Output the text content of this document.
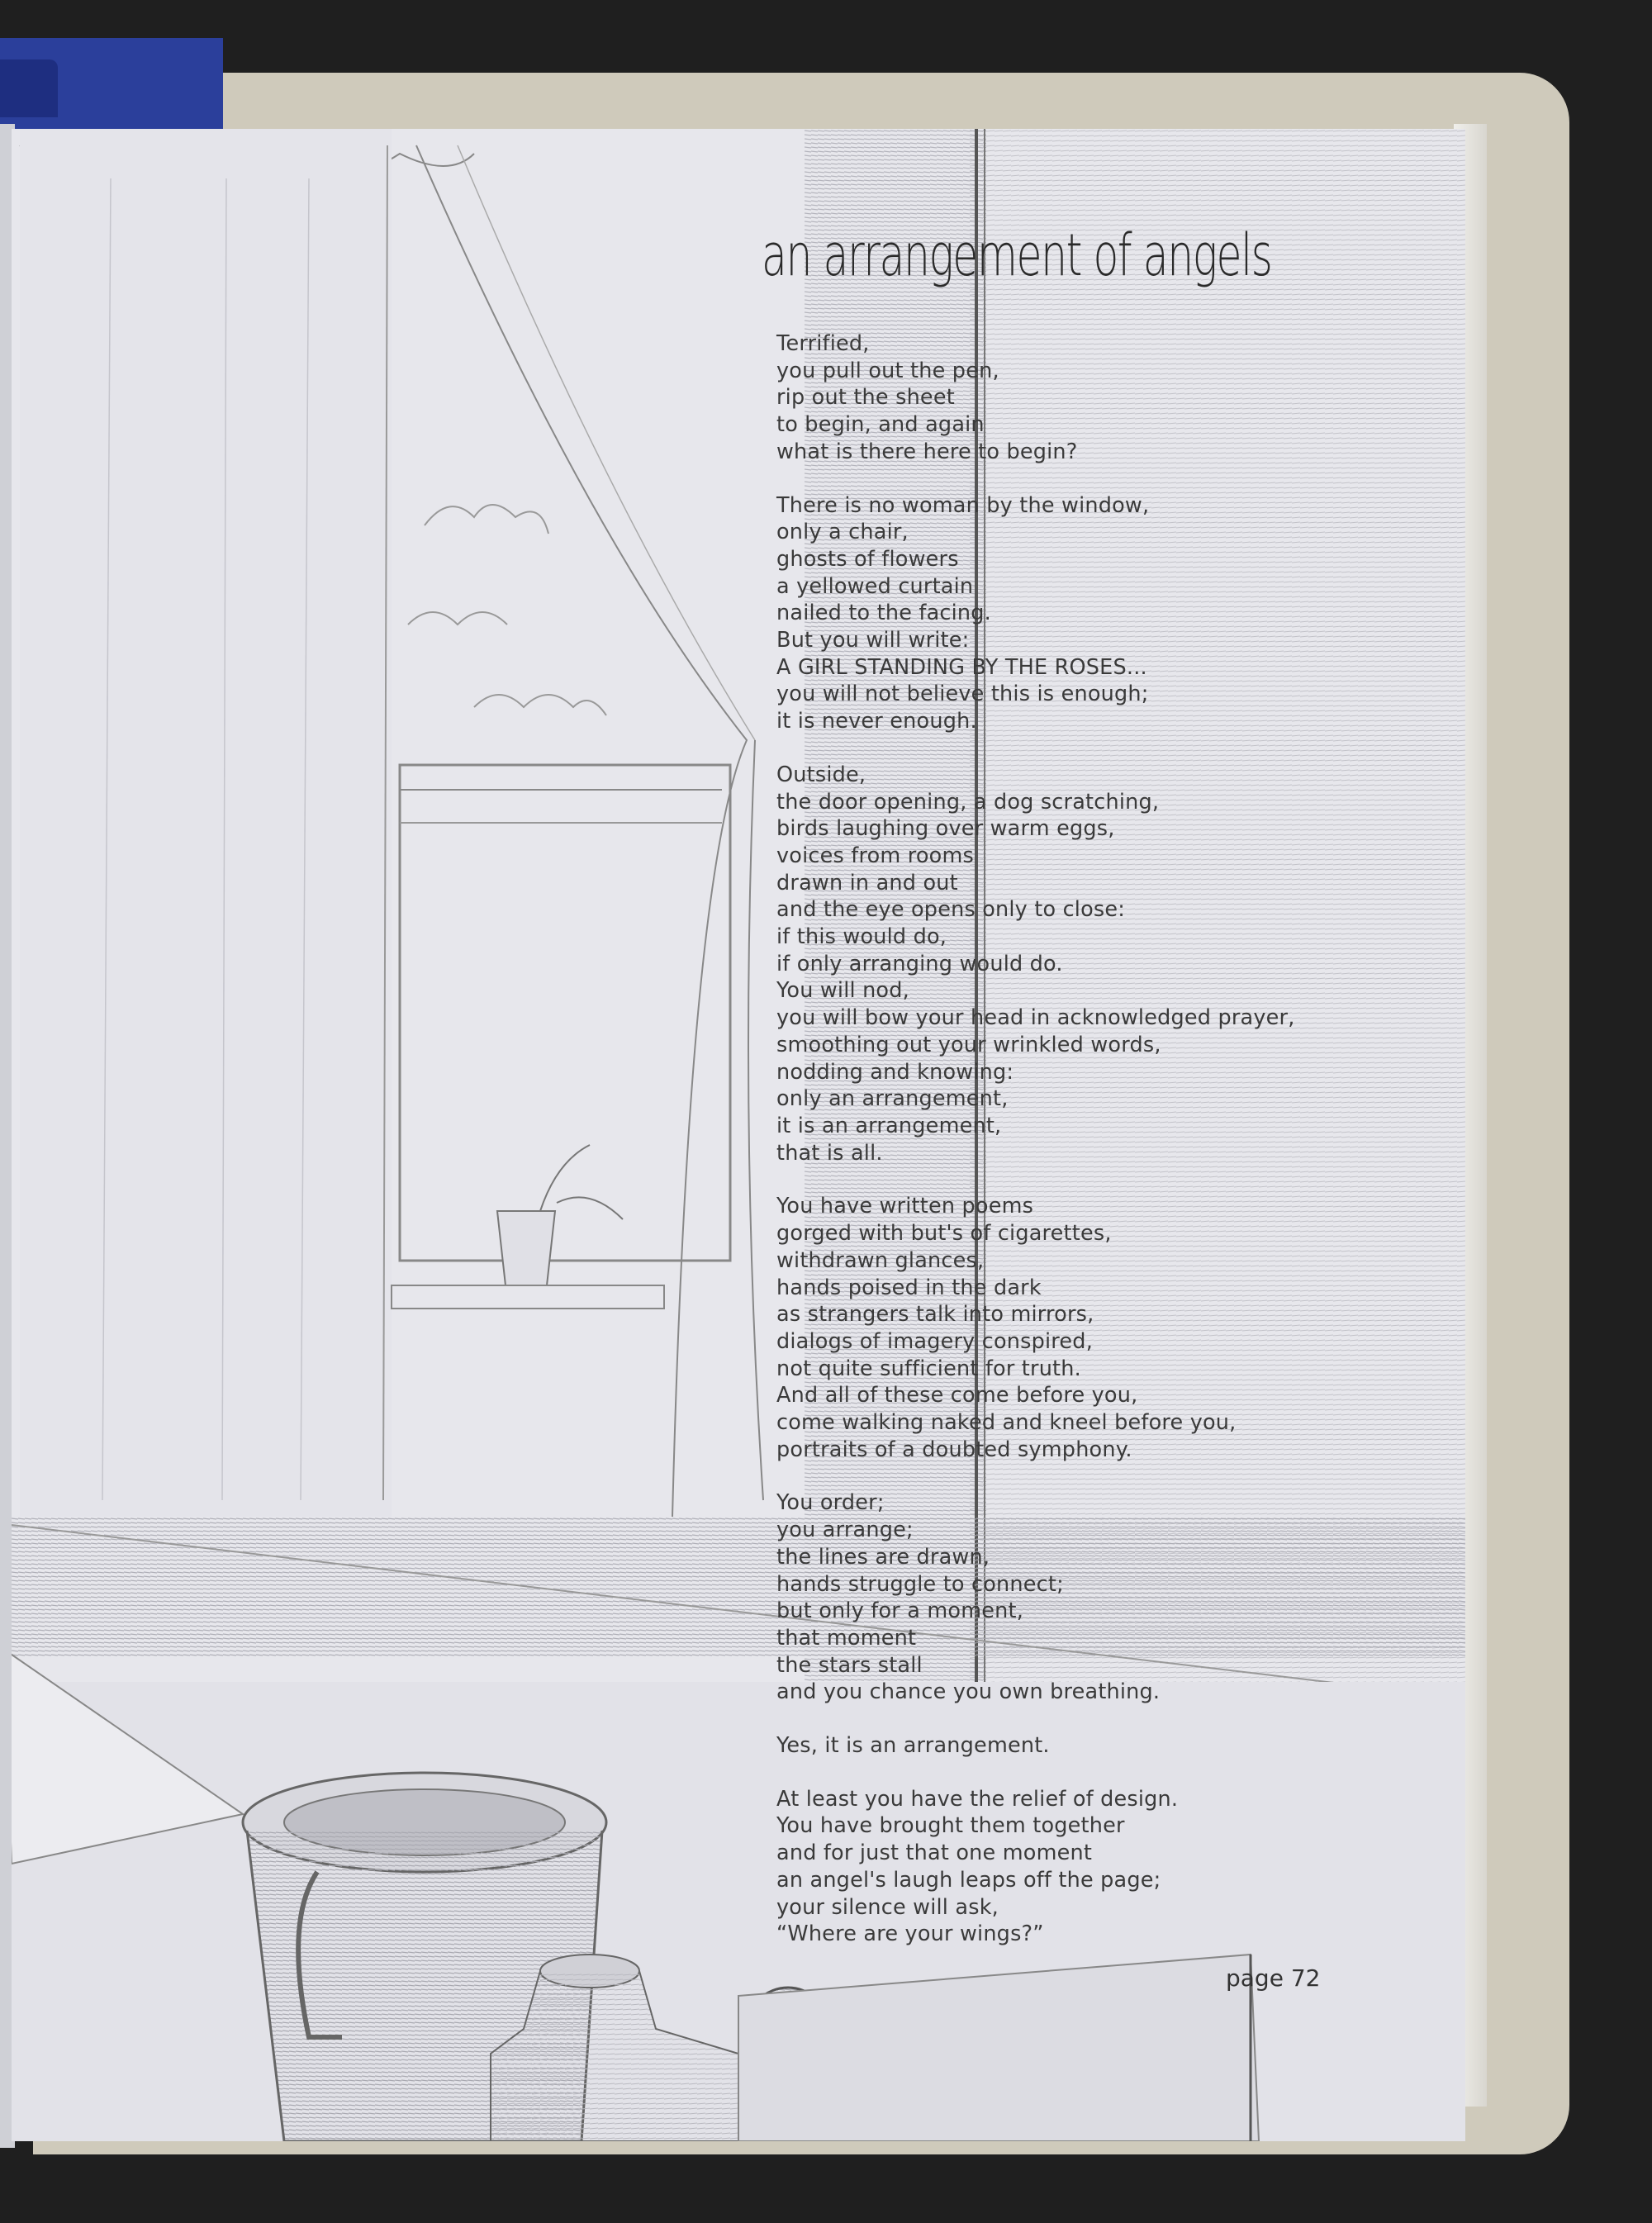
an arrangement of angels
Terrified,
you pull out the pen,
rip out the sheet
to begin, and again
what is there here to begin?
There is no woman by the window,
only a chair,
ghosts of flowers
a yellowed curtain
nailed to the facing.
But you will write:
A GIRL STANDING BY THE ROSES...
you will not believe this is enough;
it is never enough.
Outside,
the door opening, a dog scratching,
birds laughing over warm eggs,
voices from rooms
drawn in and out
and the eye opens only to close:
if this would do,
if only arranging would do.
You will nod,
you will bow your head in acknowledged prayer,
smoothing out your wrinkled words,
nodding and knowing:
only an arrangement,
it is an arrangement,
that is all.
You have written poems
gorged with but's of cigarettes,
withdrawn glances,
hands poised in the dark
as strangers talk into mirrors,
dialogs of imagery conspired,
not quite sufficient for truth.
And all of these come before you,
come walking naked and kneel before you,
portraits of a doubted symphony.
You order;
you arrange;
the lines are drawn,
hands struggle to connect;
but only for a moment,
that moment
the stars stall
and you chance you own breathing.
Yes, it is an arrangement.
At least you have the relief of design.
You have brought them together
and for just that one moment
an angel's laugh leaps off the page;
your silence will ask,
“Where are your wings?”
page 72
